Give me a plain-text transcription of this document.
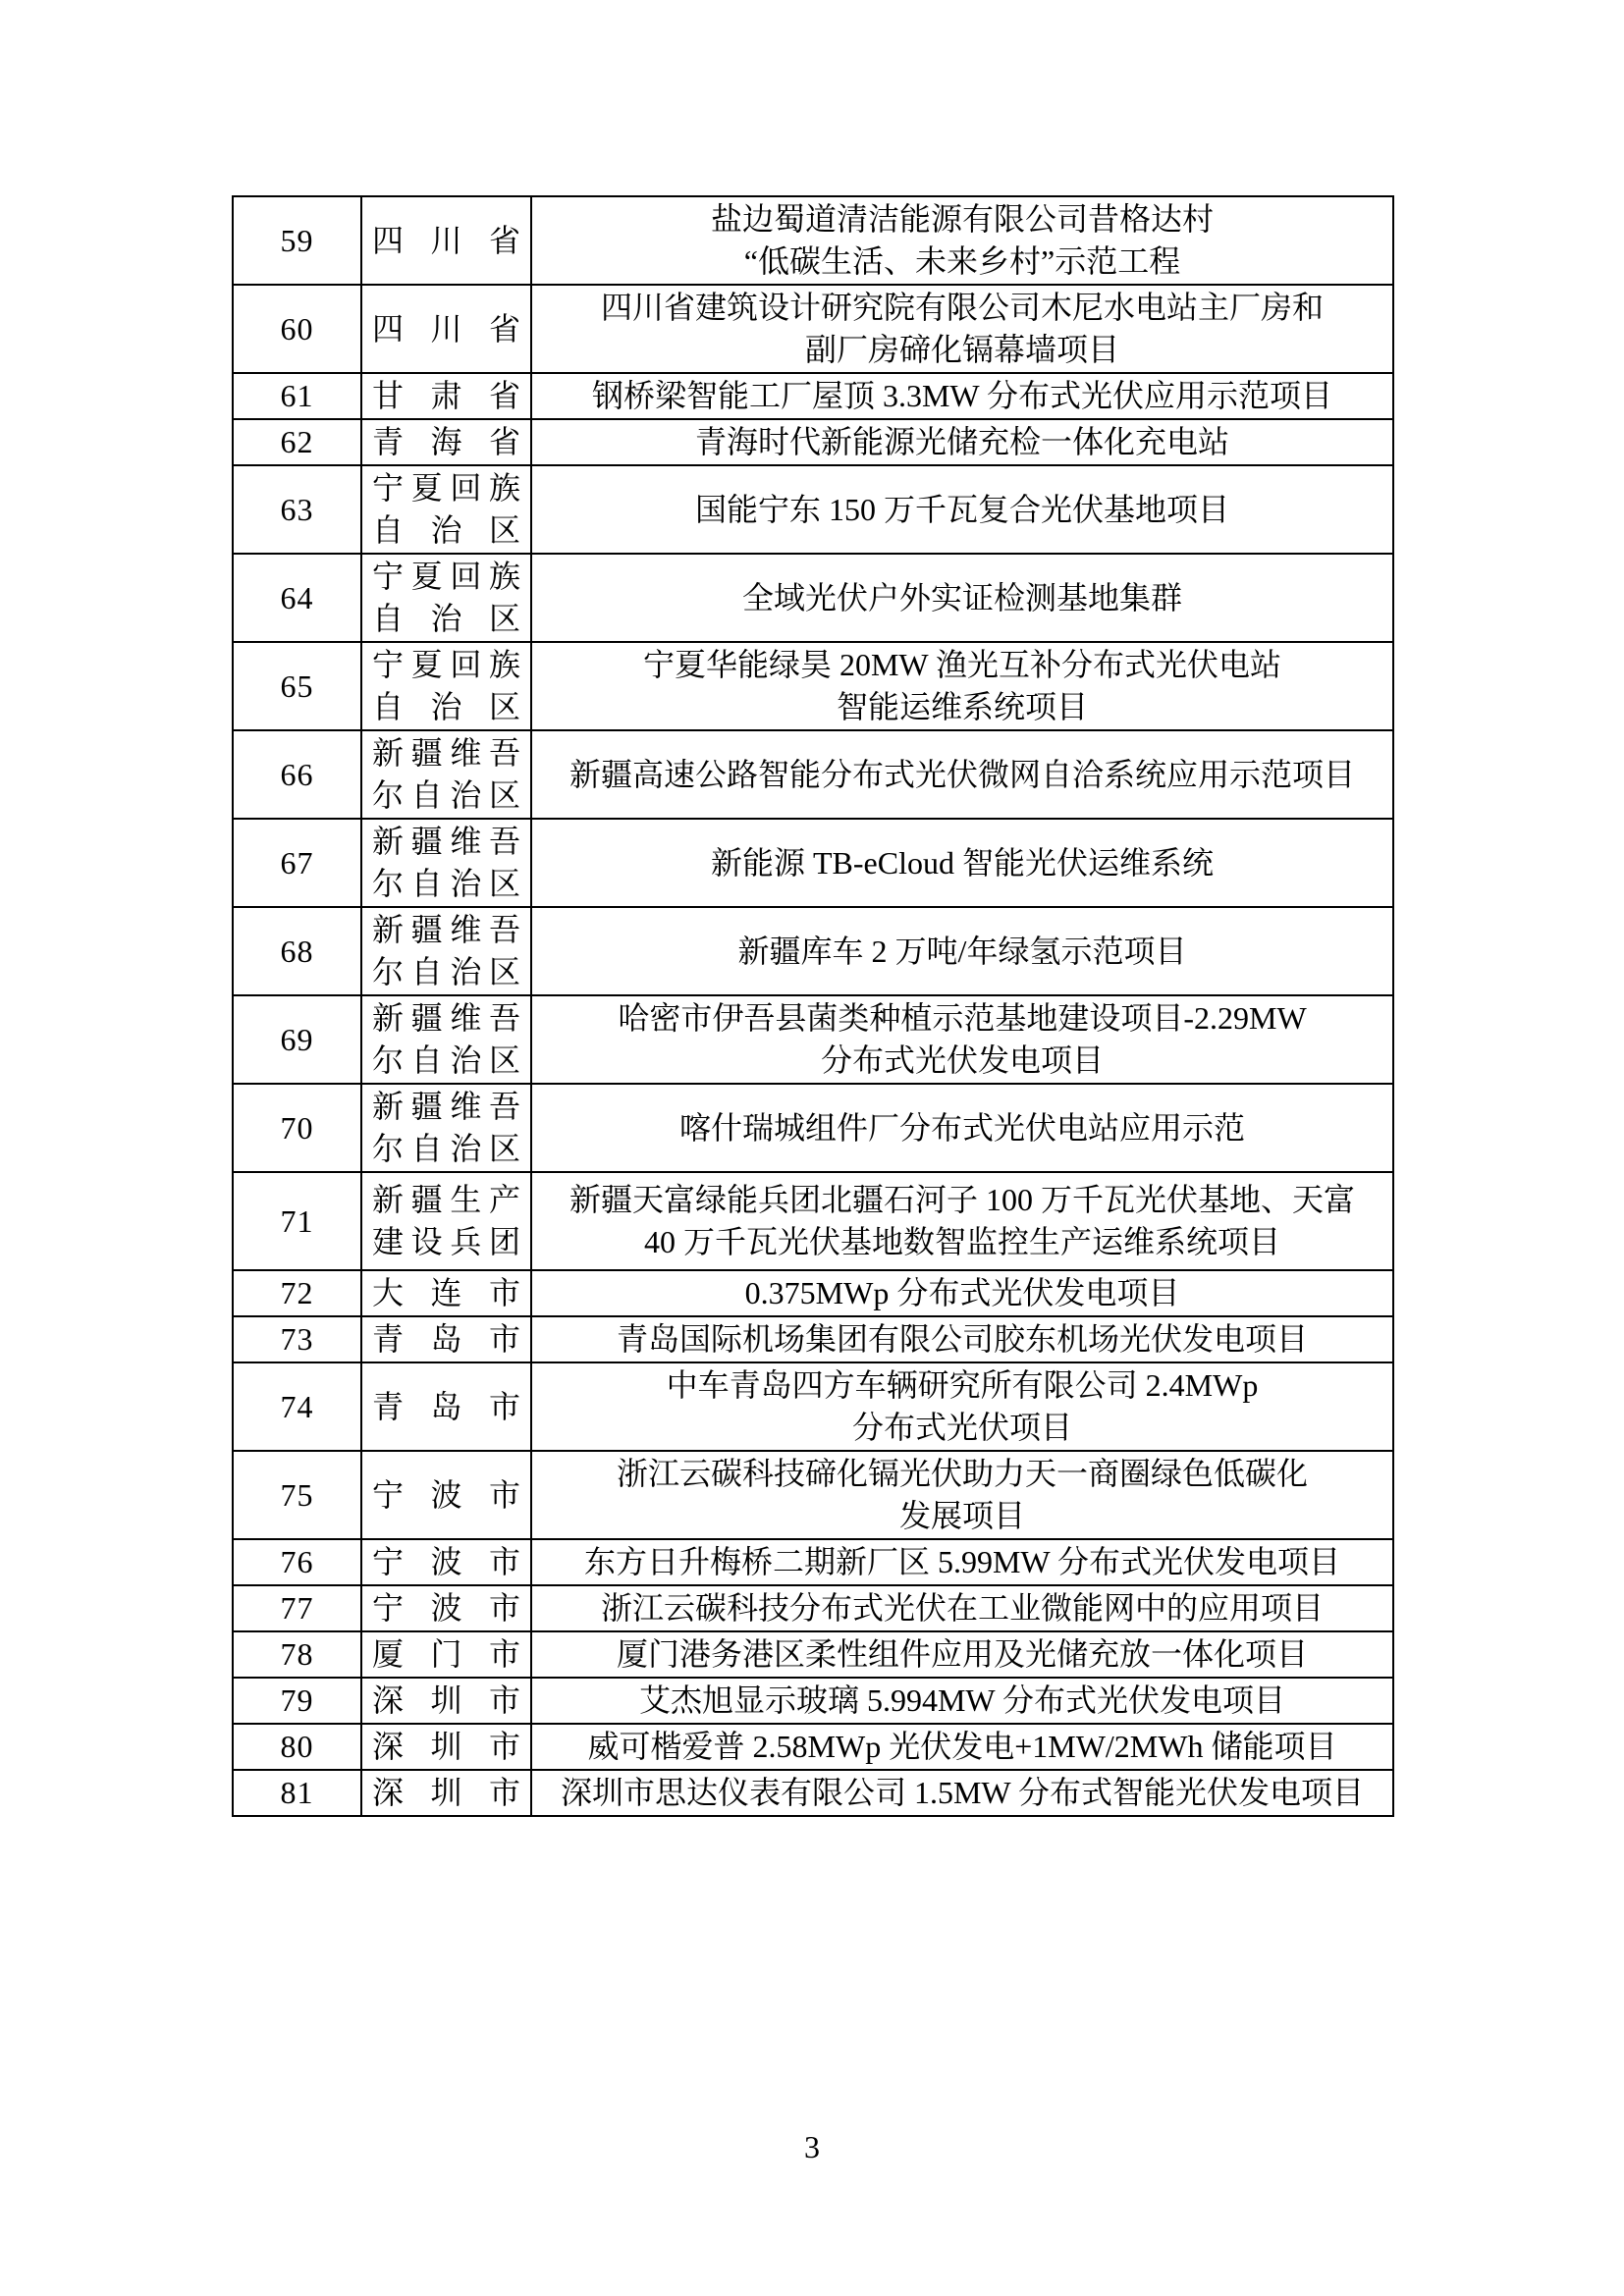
59	四川省	盐边蜀道清洁能源有限公司昔格达村
“低碳生活、未来乡村”示范工程

60	四川省	四川省建筑设计研究院有限公司木尼水电站主厂房和
副厂房碲化镉幕墙项目

61	甘肃省	钢桥梁智能工厂屋顶 3.3MW 分布式光伏应用示范项目

62	青海省	青海时代新能源光储充检一体化充电站

63	宁夏回族
自治区	国能宁东 150 万千瓦复合光伏基地项目

64	宁夏回族
自治区	全域光伏户外实证检测基地集群

65	宁夏回族
自治区	宁夏华能绿昊 20MW 渔光互补分布式光伏电站
智能运维系统项目

66	新疆维吾
尔自治区	新疆高速公路智能分布式光伏微网自洽系统应用示范项目

67	新疆维吾
尔自治区	新能源 TB-eCloud 智能光伏运维系统

68	新疆维吾
尔自治区	新疆库车 2 万吨/年绿氢示范项目

69	新疆维吾
尔自治区	哈密市伊吾县菌类种植示范基地建设项目-2.29MW
分布式光伏发电项目

70	新疆维吾
尔自治区	喀什瑞城组件厂分布式光伏电站应用示范

71	新疆生产
建设兵团	新疆天富绿能兵团北疆石河子 100 万千瓦光伏基地、天富
40 万千瓦光伏基地数智监控生产运维系统项目

72	大连市	0.375MWp 分布式光伏发电项目

73	青岛市	青岛国际机场集团有限公司胶东机场光伏发电项目

74	青岛市	中车青岛四方车辆研究所有限公司 2.4MWp
分布式光伏项目

75	宁波市	浙江云碳科技碲化镉光伏助力天一商圈绿色低碳化
发展项目

76	宁波市	东方日升梅桥二期新厂区 5.99MW 分布式光伏发电项目

77	宁波市	浙江云碳科技分布式光伏在工业微能网中的应用项目

78	厦门市	厦门港务港区柔性组件应用及光储充放一体化项目

79	深圳市	艾杰旭显示玻璃 5.994MW 分布式光伏发电项目

80	深圳市	威可楷爱普 2.58MWp 光伏发电+1MW/2MWh 储能项目

81	深圳市	深圳市思达仪表有限公司 1.5MW 分布式智能光伏发电项目
3
